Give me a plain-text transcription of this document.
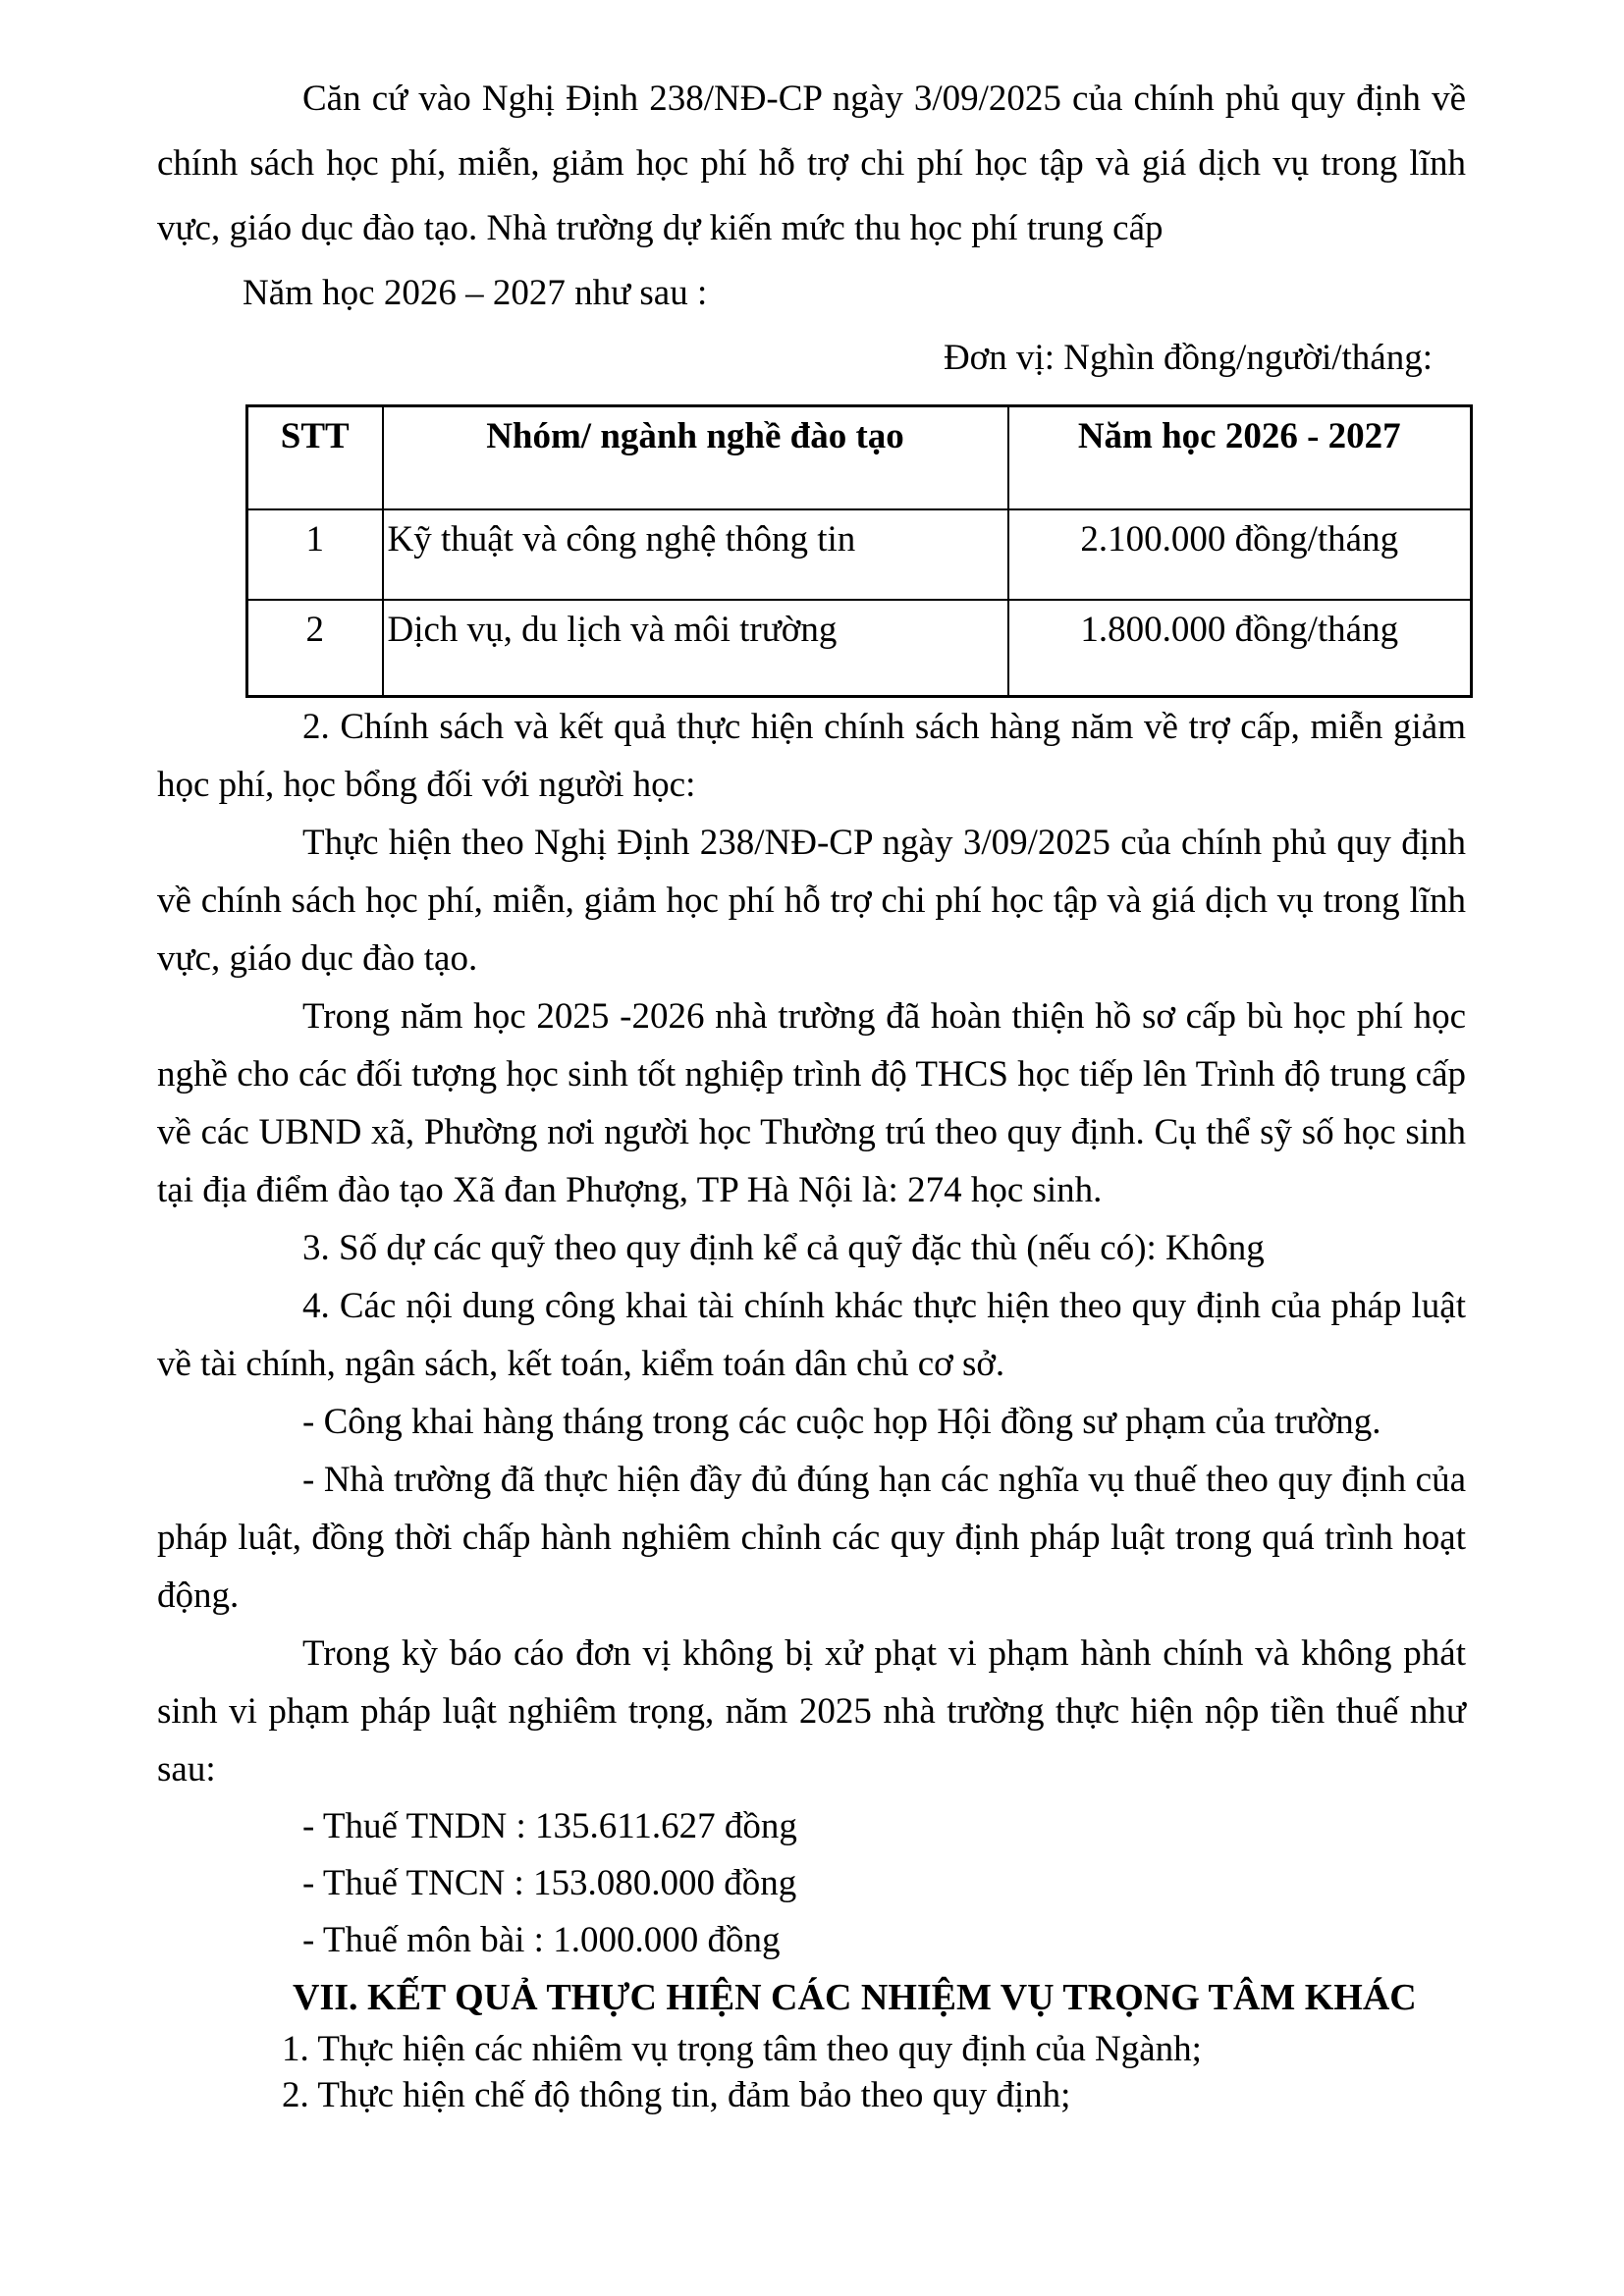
Căn cứ vào Nghị Định 238/NĐ-CP ngày 3/09/2025 của chính phủ quy định về chính sách học phí, miễn, giảm học phí hỗ trợ chi phí học tập và giá dịch vụ trong lĩnh vực, giáo dục đào tạo. Nhà trường dự kiến mức thu học phí trung cấp

Năm học 2026 – 2027 như sau :

Đơn vị: Nghìn đồng/người/tháng:

STT	Nhóm/ ngành nghề đào tạo	Năm học 2026 - 2027
1	Kỹ thuật và công nghệ thông tin	2.100.000 đồng/tháng
2	Dịch vụ, du lịch và môi trường	1.800.000 đồng/tháng

2. Chính sách và kết quả thực hiện chính sách hàng năm về trợ cấp, miễn giảm học phí, học bổng đối với người học:

Thực hiện theo Nghị Định 238/NĐ-CP ngày 3/09/2025 của chính phủ quy định về chính sách học phí, miễn, giảm học phí hỗ trợ chi phí học tập và giá dịch vụ trong lĩnh vực, giáo dục đào tạo.

Trong năm học 2025 -2026 nhà trường đã hoàn thiện hồ sơ cấp bù học phí học nghề cho các đối tượng học sinh tốt nghiệp trình độ THCS học tiếp lên Trình độ trung cấp về các UBND xã, Phường nơi người học Thường trú theo quy định. Cụ thể sỹ số học sinh tại địa điểm đào tạo Xã đan Phượng, TP Hà Nội là: 274 học sinh.

3. Số dự các quỹ theo quy định kể cả quỹ đặc thù (nếu có): Không

4. Các nội dung công khai tài chính khác thực hiện theo quy định của pháp luật về tài chính, ngân sách, kết toán, kiểm toán dân chủ cơ sở.

- Công khai hàng tháng trong các cuộc họp Hội đồng sư phạm của trường.

- Nhà trường đã thực hiện đầy đủ đúng hạn các nghĩa vụ thuế theo quy định của pháp luật, đồng thời chấp hành nghiêm chỉnh các quy định pháp luật trong quá trình hoạt động.

Trong kỳ báo cáo đơn vị không bị xử phạt vi phạm hành chính và không phát sinh vi phạm pháp luật nghiêm trọng, năm 2025 nhà trường thực hiện nộp tiền thuế như sau:

- Thuế TNDN : 135.611.627 đồng

- Thuế TNCN : 153.080.000 đồng

- Thuế môn bài : 1.000.000 đồng

VII. KẾT QUẢ THỰC HIỆN CÁC NHIỆM VỤ TRỌNG TÂM KHÁC

1. Thực hiện các nhiêm vụ trọng tâm theo quy định của Ngành;

2. Thực hiện chế độ thông tin, đảm bảo theo quy định;
